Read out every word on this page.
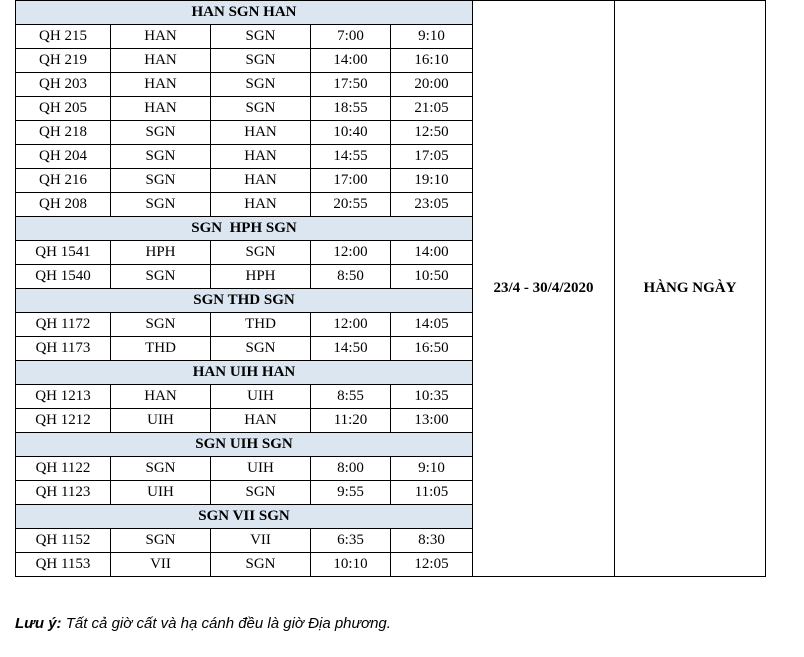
HAN SGN HAN					23/4 - 30/4/2020	HÀNG NGÀY
QH 215	HAN	SGN	7:00	9:10		
QH 219	HAN	SGN	14:00	16:10		
QH 203	HAN	SGN	17:50	20:00		
QH 205	HAN	SGN	18:55	21:05		
QH 218	SGN	HAN	10:40	12:50		
QH 204	SGN	HAN	14:55	17:05		
QH 216	SGN	HAN	17:00	19:10		
QH 208	SGN	HAN	20:55	23:05		
SGN  HPH SGN						
QH 1541	HPH	SGN	12:00	14:00		
QH 1540	SGN	HPH	8:50	10:50		
SGN THD SGN						
QH 1172	SGN	THD	12:00	14:05		
QH 1173	THD	SGN	14:50	16:50		
HAN UIH HAN						
QH 1213	HAN	UIH	8:55	10:35		
QH 1212	UIH	HAN	11:20	13:00		
SGN UIH SGN						
QH 1122	SGN	UIH	8:00	9:10		
QH 1123	UIH	SGN	9:55	11:05		
SGN VII SGN						
QH 1152	SGN	VII	6:35	8:30		
QH 1153	VII	SGN	10:10	12:05		
Lưu ý: Tất cả giờ cất và hạ cánh đều là giờ Địa phương.
